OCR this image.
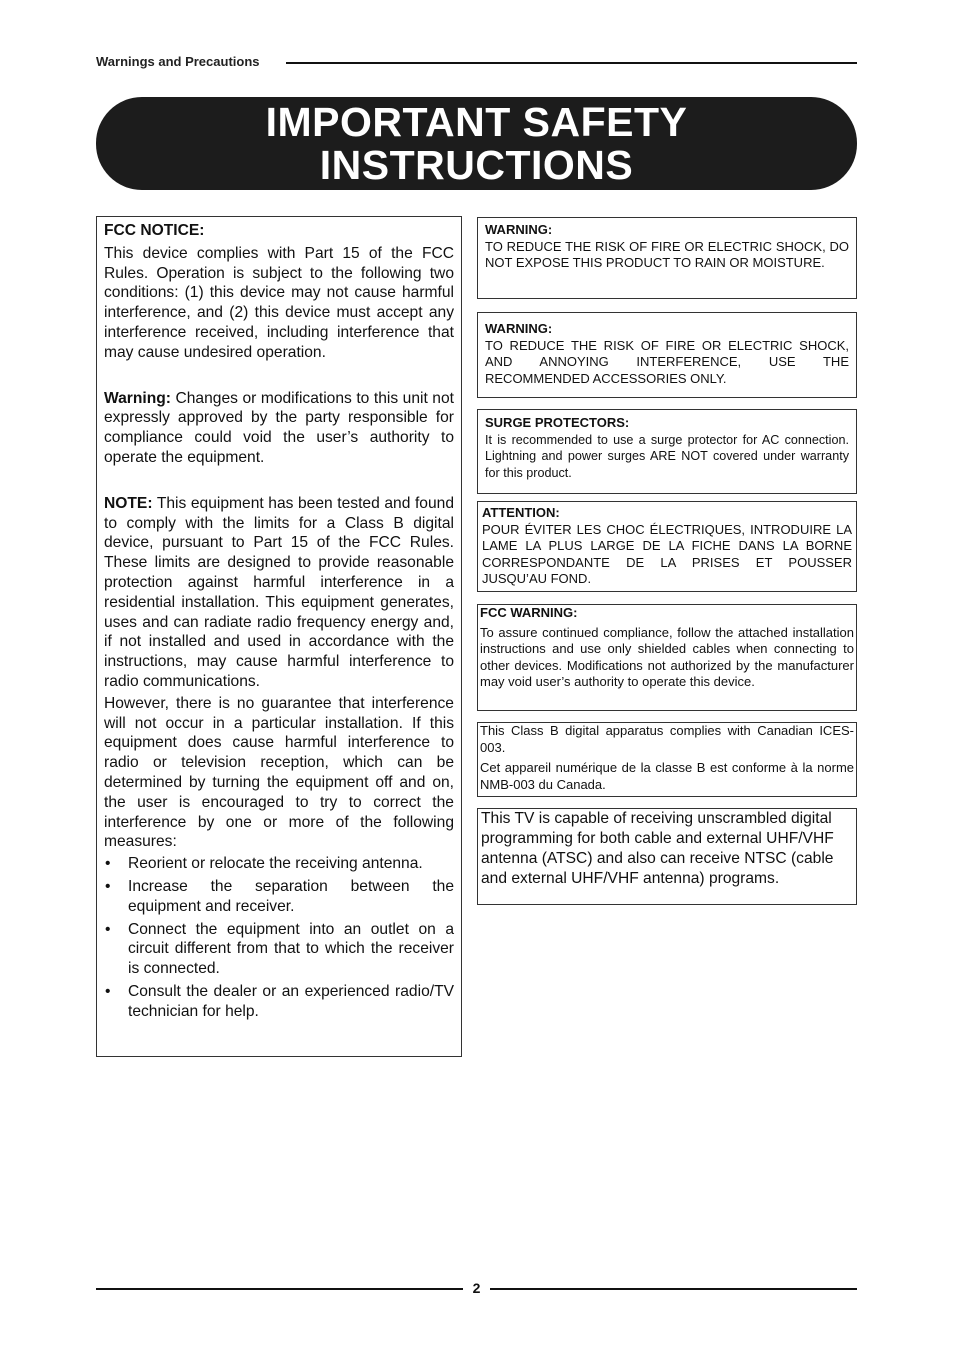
Warnings and Precautions
IMPORTANT SAFETY
INSTRUCTIONS

FCC NOTICE:

This device complies with Part 15 of the FCC Rules. Operation is subject to the following two conditions: (1) this device may not cause harmful interference, and (2) this device must accept any interference received, including interference that may cause undesired operation.

Warning: Changes or modifications to this unit not expressly approved by the party responsible for compliance could void the user’s authority to operate the equipment.

NOTE: This equipment has been tested and found to comply with the limits for a Class B digital device, pursuant to Part 15 of the FCC Rules. These limits are designed to provide reasonable protection against harmful interference in a residential installation. This equipment generates, uses and can radiate radio frequency energy and, if not installed and used in accordance with the instructions, may cause harmful interference to radio communications.

However, there is no guarantee that interference will not occur in a particular installation. If this equipment does cause harmful interference to radio or television reception, which can be determined by turning the equipment off and on, the user is encouraged to try to correct the interference by one or more of the following measures:

• Reorient or relocate the receiving antenna.
• Increase the separation between the equipment and receiver.
• Connect the equipment into an outlet on a circuit different from that to which the receiver is connected.
• Consult the dealer or an experienced radio/TV technician for help.
WARNING:
TO REDUCE THE RISK OF FIRE OR ELECTRIC SHOCK, DO NOT EXPOSE THIS PRODUCT TO RAIN OR MOISTURE.
WARNING:
TO REDUCE THE RISK OF FIRE OR ELECTRIC SHOCK, AND ANNOYING INTERFERENCE, USE THE RECOMMENDED ACCESSORIES ONLY.
SURGE PROTECTORS:
It is recommended to use a surge protector for AC connection. Lightning and power surges ARE NOT covered under warranty for this product.
ATTENTION:
POUR ÉVITER LES CHOC ÉLECTRIQUES, INTRODUIRE LA LAME LA PLUS LARGE DE LA FICHE DANS LA BORNE CORRESPONDANTE DE LA PRISES ET POUSSER JUSQU’AU FOND.
FCC WARNING:
To assure continued compliance, follow the attached installation instructions and use only shielded cables when connecting to other devices. Modifications not authorized by the manufacturer may void user’s authority to operate this device.
This Class B digital apparatus complies with Canadian ICES-003.
Cet appareil numérique de la classe B est conforme à la norme NMB-003 du Canada.
This TV is capable of receiving unscrambled digital programming for both cable and external UHF/VHF antenna (ATSC) and also can receive NTSC (cable and external UHF/VHF antenna) programs.
2
